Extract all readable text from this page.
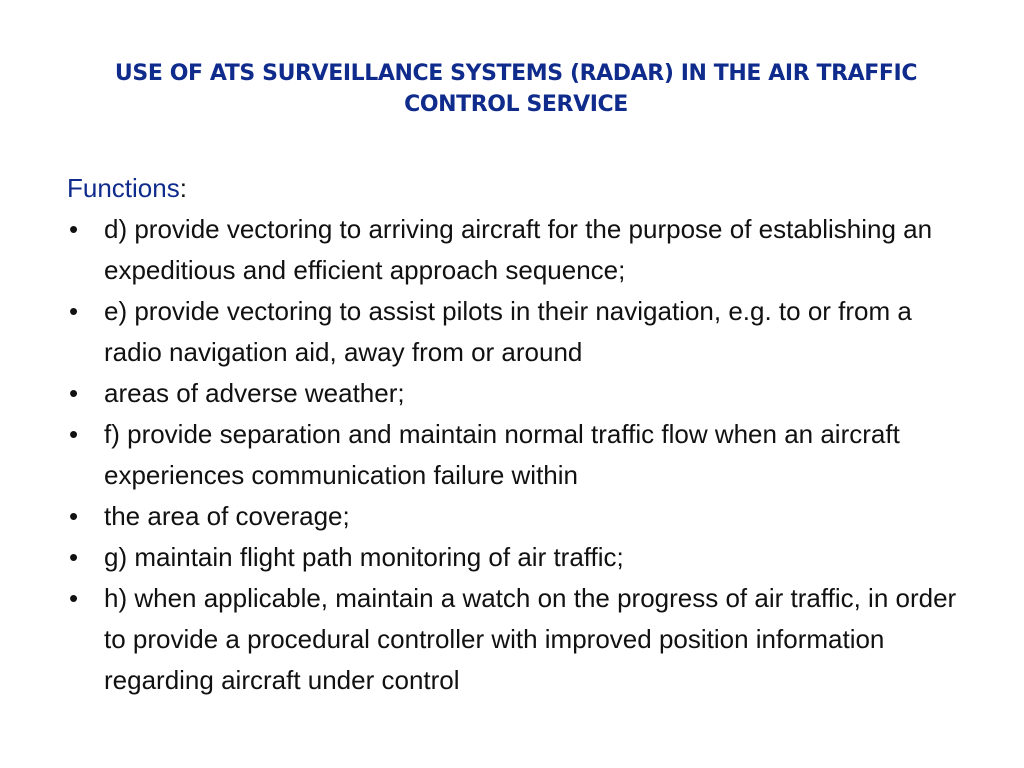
USE OF ATS SURVEILLANCE SYSTEMS (RADAR) IN THE AIR TRAFFIC CONTROL SERVICE

Functions:

• d) provide vectoring to arriving aircraft for the purpose of establishing an expeditious and efficient approach sequence;
• e) provide vectoring to assist pilots in their navigation, e.g. to or from a radio navigation aid, away from or around
• areas of adverse weather;
• f) provide separation and maintain normal traffic flow when an aircraft experiences communication failure within
• the area of coverage;
• g) maintain flight path monitoring of air traffic;
• h) when applicable, maintain a watch on the progress of air traffic, in order to provide a procedural controller with improved position information regarding aircraft under control
